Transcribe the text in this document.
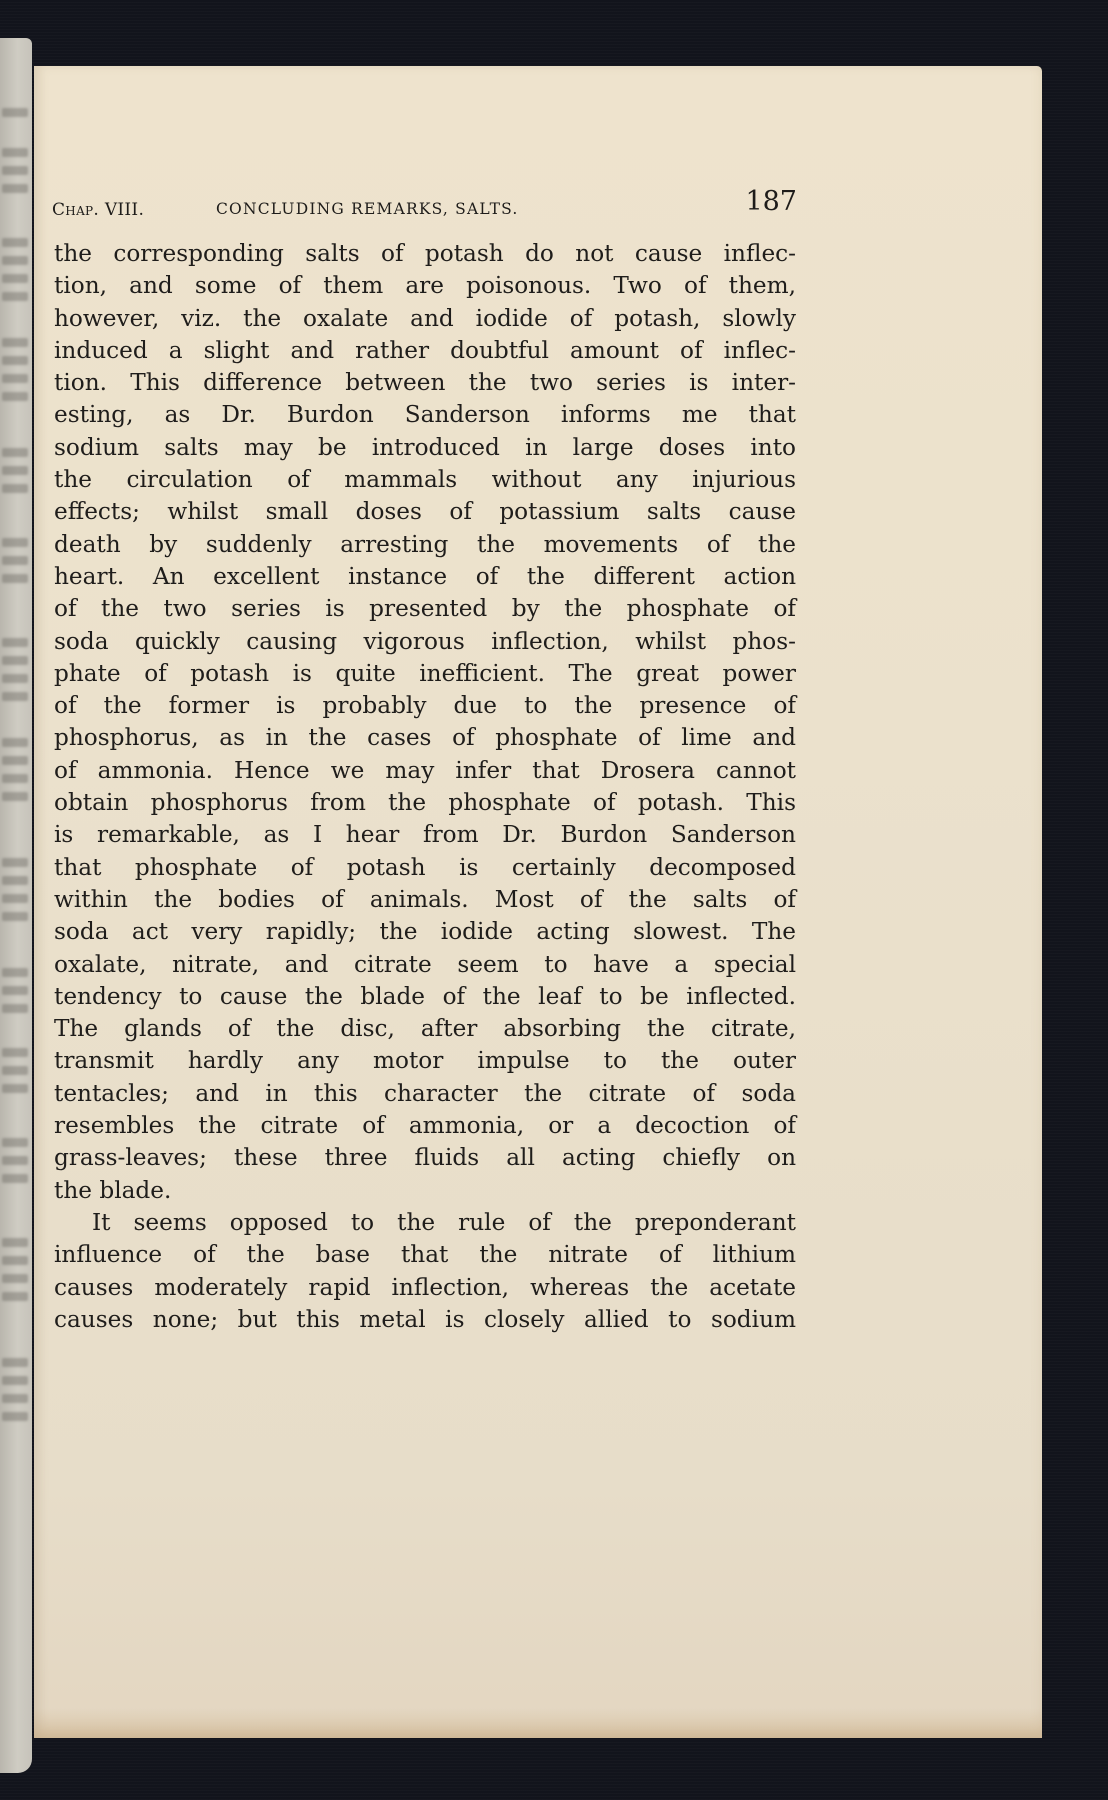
Chap. VIII.	CONCLUDING REMARKS, SALTS.	187
the corresponding salts of potash do not cause inflec-
tion, and some of them are poisonous. Two of them,
however, viz. the oxalate and iodide of potash, slowly
induced a slight and rather doubtful amount of inflec-
tion. This difference between the two series is inter-
esting, as Dr. Burdon Sanderson informs me that
sodium salts may be introduced in large doses into
the circulation of mammals without any injurious
effects; whilst small doses of potassium salts cause
death by suddenly arresting the movements of the
heart. An excellent instance of the different action
of the two series is presented by the phosphate of
soda quickly causing vigorous inflection, whilst phos-
phate of potash is quite inefficient. The great power
of the former is probably due to the presence of
phosphorus, as in the cases of phosphate of lime and
of ammonia. Hence we may infer that Drosera cannot
obtain phosphorus from the phosphate of potash. This
is remarkable, as I hear from Dr. Burdon Sanderson
that phosphate of potash is certainly decomposed
within the bodies of animals. Most of the salts of
soda act very rapidly; the iodide acting slowest. The
oxalate, nitrate, and citrate seem to have a special
tendency to cause the blade of the leaf to be inflected.
The glands of the disc, after absorbing the citrate,
transmit hardly any motor impulse to the outer
tentacles; and in this character the citrate of soda
resembles the citrate of ammonia, or a decoction of
grass-leaves; these three fluids all acting chiefly on
the blade.
It seems opposed to the rule of the preponderant
influence of the base that the nitrate of lithium
causes moderately rapid inflection, whereas the acetate
causes none; but this metal is closely allied to sodium
